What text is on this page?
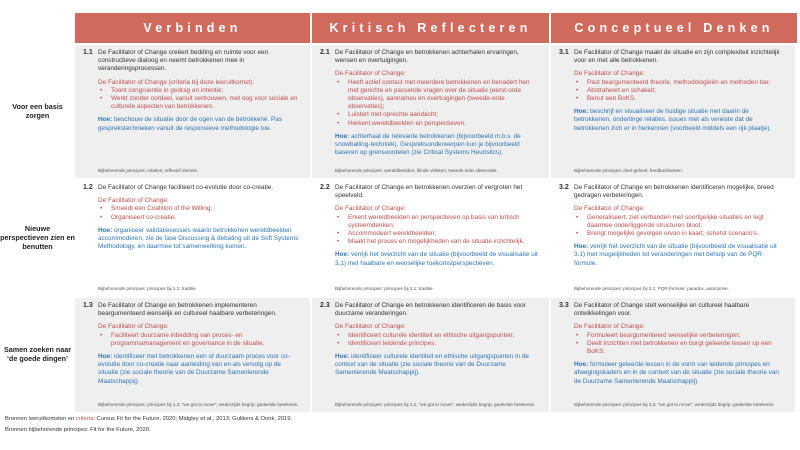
Voor een basis zorgen
Nieuwe perspectieven zien en benutten
Samen zoeken naar ‘de goede dingen’
Verbinden	Kritisch Reflecteren	Conceptueel Denken
1.1 De Facilitator of Change creëert bedding en ruimte voor een constructieve dialoog en neemt betrokkenen mee in veranderingsprocessen.
De Facilitator of Change (criteria bij deze leeruitkomst):
• Toont congruentie in gedrag en intentie;
• Werkt zonder oordeel, vanuit vertrouwen, met oog voor sociale en culturele aspecten van betrokkenen.
Hoe: beschouw de situatie door de ogen van de betrokkene. Pas gesprekstechnieken vanuit de responsieve methodologie toe.
Bijbehorende principes: relaties; reflexief domein.
2.1 De Facilitator of Change en betrokkenen achterhalen ervaringen, wensen en overtuigingen.
De Facilitator of Change:
• Heeft actief contact met meerdere betrokkenen en benadert hen met gerichte en passende vragen over de situatie (eerst-orde observaties), aannames en overtuigingen (tweede-orde observaties);
• Luistert met oprechte aandacht;
• Herkent wereldbeelden en perspectieven.
Hoe: achterhaal de relevante betrokkenen (bijvoorbeeld m.b.v. de snowballing-techniek). Gespreksonderwerpen kun je bijvoorbeeld baseren op grensoordelen (zie Critical Systems Heuristics).
Bijbehorende principes: wereldbeelden; blinde vlekken; tweede-orde observatie.
3.1 De Facilitator of Change maakt de situatie en zijn complexiteit inzichtelijk voor en met alle betrokkenen.
De Facilitator of Change:
• Past beargumenteerd theorie, methodologieën en methoden toe;
• Abstraheert en schakelt;
• Benut een BoKS.
Hoe: beschrijf en visualiseer de huidige situatie met daarin de betrokkenen, onderlinge relaties, issues met als vereiste dat de betrokkenen zich er in herkennen (voorbeeld middels een rijk plaatje).
Bijbehorende principes: deel-geheel; feedbacklussen.
1.2 De Facilitator of Change faciliteert co-evolutie door co-creatie.
De Facilitator of Change:
• Smeedt een Coalition of the Willing;
• Organiseert co-creatie.
Hoe: organiseer validatiesessies waarin betrokkenen wereldbeelden accommoderen, zie de fase Discussing & debating uit de Soft Systems Methodology, en daarmee tot samenwerking komen.
Bijbehorende principes: principes bij 1.1; traditie.
2.2 De Facilitator of Change en betrokkenen overzien of vergroten het speelveld.
De Facilitator of Change:
• Erkent wereldbeelden en perspectieven op basis van kritisch systeemdenken;
• Accommodeert wereldbeelden;
• Maakt het proces en mogelijkheden van de situatie inzichtelijk.
Hoe: verrijk het overzicht van de situatie (bijvoorbeeld de visualisatie uit 3.1) met haalbare en wenselijke toekomstperspectieven.
Bijbehorende principes: principes bij 2.1; traditie.
3.2 De Facilitator of Change en betrokkenen identificeren mogelijke, breed gedragen verbeteringen.
De Facilitator of Change:
• Generaliseert, ziet verbanden met soortgelijke situaties en legt daarmee onderliggende structuren bloot;
• Brengt mogelijke gevolgen ervan in kaart; schetst scenario's.
Hoe: verrijk het overzicht van de situatie (bijvoorbeeld de visualisatie uit 3.1) met mogelijkheden tot veranderingen met behulp van de PQR-formule.
Bijbehorende principes: principes bij 3.1; PQR-formule; paradox, autonomie.
1.3 De Facilitator of Change en betrokkenen implementeren beargumenteerd wenselijk en cultureel haalbare verbeteringen.
De Facilitator of Change:
• Faciliteert duurzame inbedding van proces- en programmamanagement en governance in de situatie.
Hoe: identificeer met betrokkenen een of duurzaam proces voor co-evolutie door co-creatie naar aanleiding van en als vervolg op de situatie (zie sociale theorie van de Duurzame Samenlerende Maatschappij).
Bijbehorende principes: principes bij 1.2; "we got to move"; wederzijds begrip; gedeelde betekenis.
2.3 De Facilitator of Change en betrokkenen identificeren de basis voor duurzame veranderingen.
De Facilitator of Change:
• Identificeert culturele identiteit en ethische uitgangspunten;
• Identificeert leidende principes.
Hoe: identificeer culturele identiteit en ethische uitgangspunten in de context van de situatie (zie sociale theorie van de Duurzame Samenlerende Maatschappij).
Bijbehorende principes: principes bij 2.2; "we got to move"; wederzijds begrip; gedeelde betekenis.
3.3 De Facilitator of Change stelt wenselijke en cultureel haalbare ontwikkelingen voor.
De Facilitator of Change:
• Formuleert beargumenteerd wenselijke verbeteringen;
• Deelt inzichten met betrokkenen en borgt geleerde lessen op een BoKS.
Hoe: formuleer geleerde lessen in de vorm van leidende principes en afwegingskaders en in de context van de situatie (zie sociale theorie van de Duurzame Samenlerende Maatschappij).
Bijbehorende principes: principes bij 3.2; "we got to move"; wederzijds begrip; gedeelde betekenis.
Bronnen leeruitkomsten en criteria: Cursus Fit for the Future, 2020; Midgley et al., 2013; Gulikers & Oonk, 2019.
Bronnen bijbehorende principes: Fit for the Future, 2020.
